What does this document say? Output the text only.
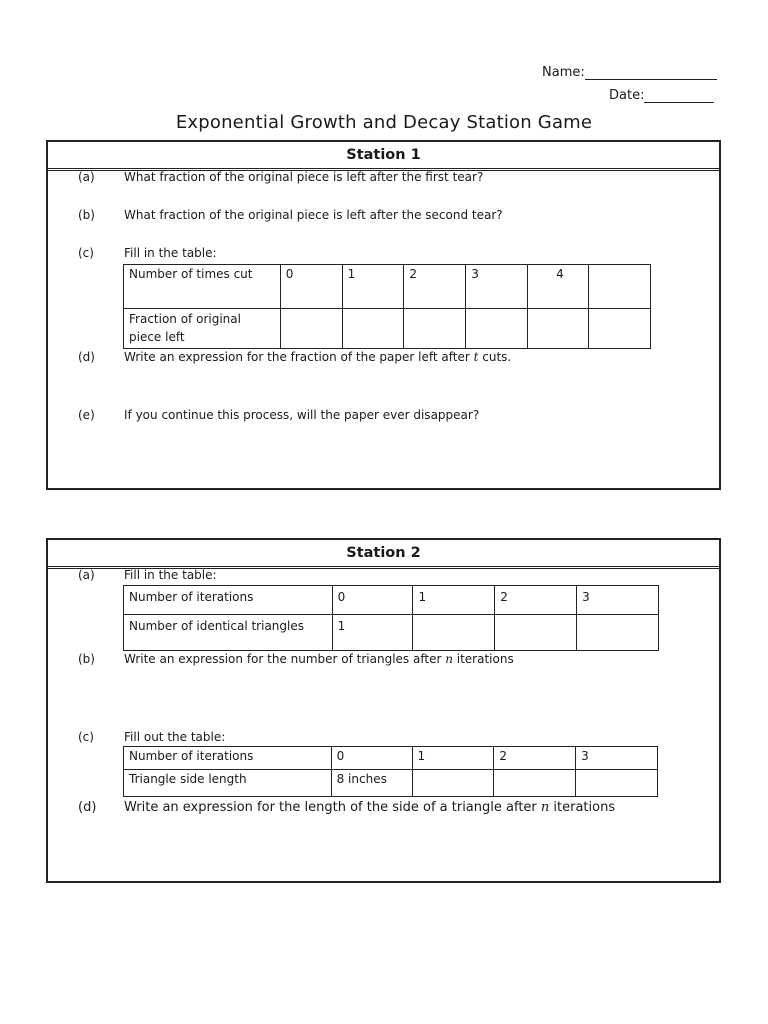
Name:
Date:
Exponential Growth and Decay Station Game
Station 1
(a) What fraction of the original piece is left after the first tear?
(b) What fraction of the original piece is left after the second tear?
(c)	Fill in the table:
Number of times cut	0	1	2	3	4	
Fraction of original piece left						
(d) Write an expression for the fraction of the paper left after t cuts.
(e) If you continue this process, will the paper ever disappear?
Station 2
(a) Fill in the table:
Number of iterations	0	1	2	3
Number of identical triangles	1			
(b) Write an expression for the number of triangles after n iterations
(c)	Fill out the table:
Number of iterations	0	1	2	3
Triangle side length	8 inches			
(d) Write an expression for the length of the side of a triangle after n iterations
